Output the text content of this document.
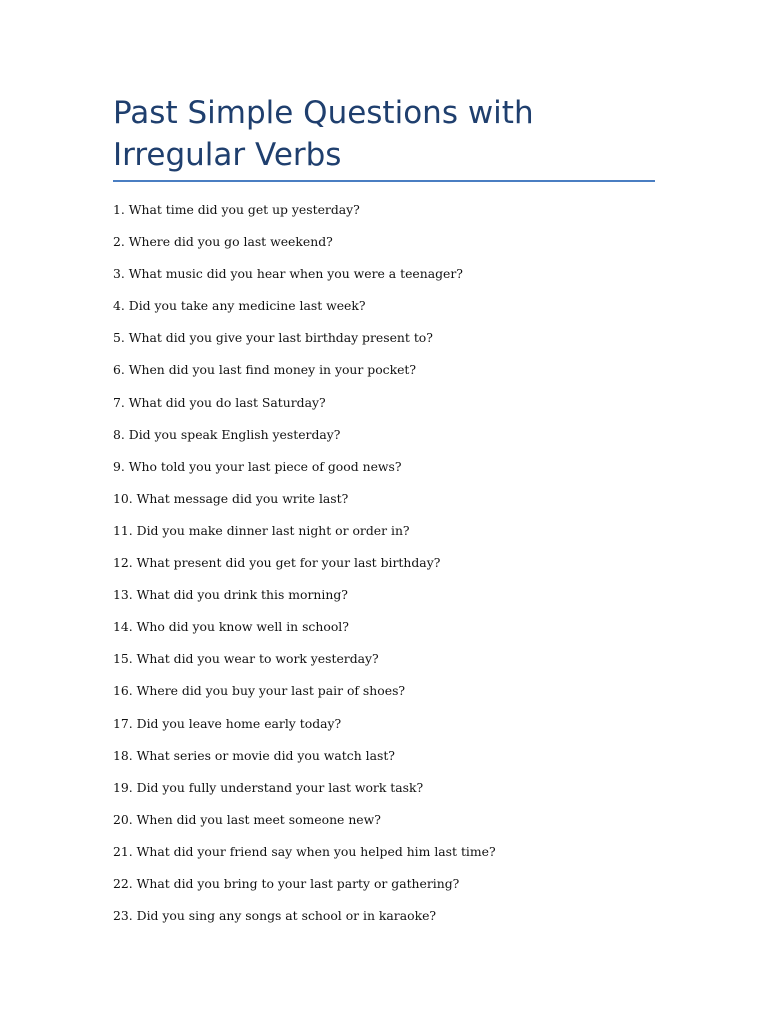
Past Simple Questions with Irregular Verbs
1. What time did you get up yesterday?
2. Where did you go last weekend?
3. What music did you hear when you were a teenager?
4. Did you take any medicine last week?
5. What did you give your last birthday present to?
6. When did you last find money in your pocket?
7. What did you do last Saturday?
8. Did you speak English yesterday?
9. Who told you your last piece of good news?
10. What message did you write last?
11. Did you make dinner last night or order in?
12. What present did you get for your last birthday?
13. What did you drink this morning?
14. Who did you know well in school?
15. What did you wear to work yesterday?
16. Where did you buy your last pair of shoes?
17. Did you leave home early today?
18. What series or movie did you watch last?
19. Did you fully understand your last work task?
20. When did you last meet someone new?
21. What did your friend say when you helped him last time?
22. What did you bring to your last party or gathering?
23. Did you sing any songs at school or in karaoke?
